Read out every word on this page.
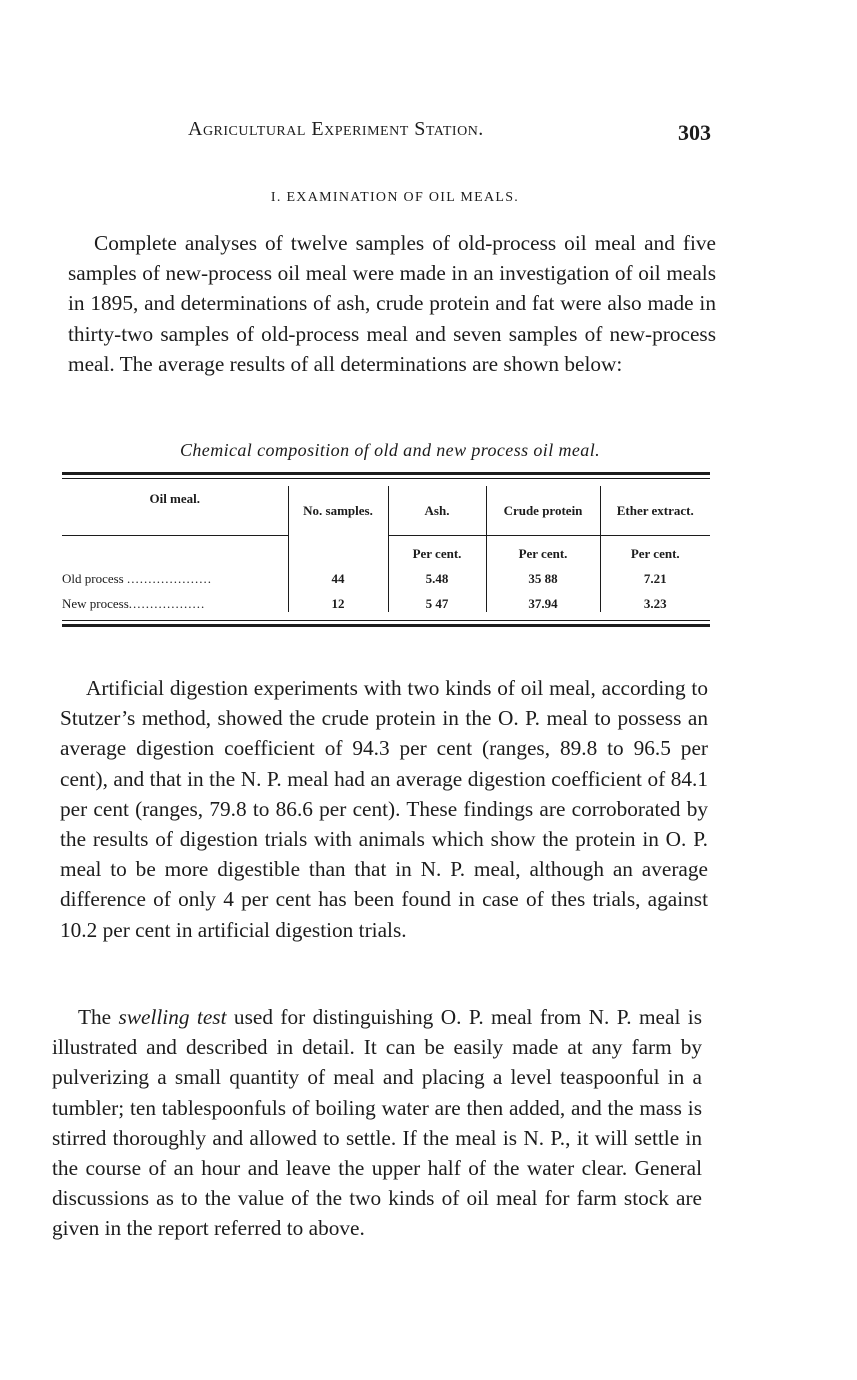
Agricultural Experiment Station.	303
I. EXAMINATION OF OIL MEALS.

Complete analyses of twelve samples of old-process oil meal and five samples of new-process oil meal were made in an investigation of oil meals in 1895, and determinations of ash, crude protein and fat were also made in thirty-two samples of old-process meal and seven samples of new-process meal. The average results of all determinations are shown below:

Chemical composition of old and new process oil meal.
Oil meal.	No. samples.	Ash.	Crude protein	Ether extract.
		Per cent.	Per cent.	Per cent.
Old process ....................	44	5.48	35 88	7.21
New process..................	12	5 47	37.94	3.23

Artificial digestion experiments with two kinds of oil meal, according to Stutzer’s method, showed the crude protein in the O. P. meal to possess an average digestion coefficient of 94.3 per cent (ranges, 89.8 to 96.5 per cent), and that in the N. P. meal had an average digestion coefficient of 84.1 per cent (ranges, 79.8 to 86.6 per cent). These findings are corroborated by the results of digestion trials with animals which show the protein in O. P. meal to be more digestible than that in N. P. meal, although an average difference of only 4 per cent has been found in case of thes trials, against 10.2 per cent in artificial digestion trials.

The swelling test used for distinguishing O. P. meal from N. P. meal is illustrated and described in detail. It can be easily made at any farm by pulverizing a small quantity of meal and placing a level teaspoonful in a tumbler; ten tablespoonfuls of boiling water are then added, and the mass is stirred thoroughly and allowed to settle. If the meal is N. P., it will settle in the course of an hour and leave the upper half of the water clear. General discussions as to the value of the two kinds of oil meal for farm stock are given in the report referred to above.
